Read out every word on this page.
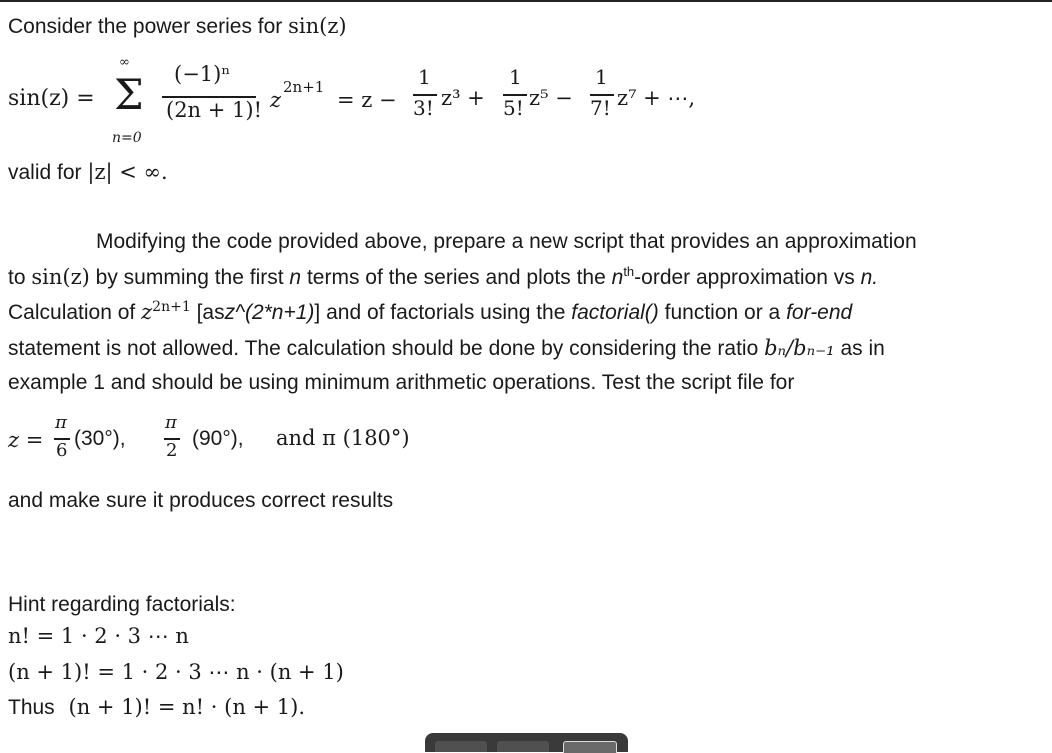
Consider the power series for sin(z)
sin(z) =
∞
Σ
n=0
(−1)ⁿ
(2n + 1)! z
2n+1
= z −
1
3! z³ +
1
5! z⁵ −
1
7! z⁷ + ⋯,
valid for |z| < ∞.
Modifying the code provided above, prepare a new script that provides an approximation
to sin(z) by summing the first n terms of the series and plots the $n^{th}$-order approximation vs n.
Calculation of $z^{2n+1}$ [asz^(2*n+1)] and of factorials using the factorial() function or a for-end
statement is not allowed. The calculation should be done by considering the ratio bₙ/bₙ₋₁ as in
example 1 and should be using minimum arithmetic operations. Test the script file for
z =
π
6
(30°),
π
2
(90°), and π (180°)
and make sure it produces correct results
Hint regarding factorials:
n! = 1 · 2 · 3 ⋯ n
(n + 1)! = 1 · 2 · 3 ⋯ n · (n + 1)
Thus (n + 1)! = n! · (n + 1).
